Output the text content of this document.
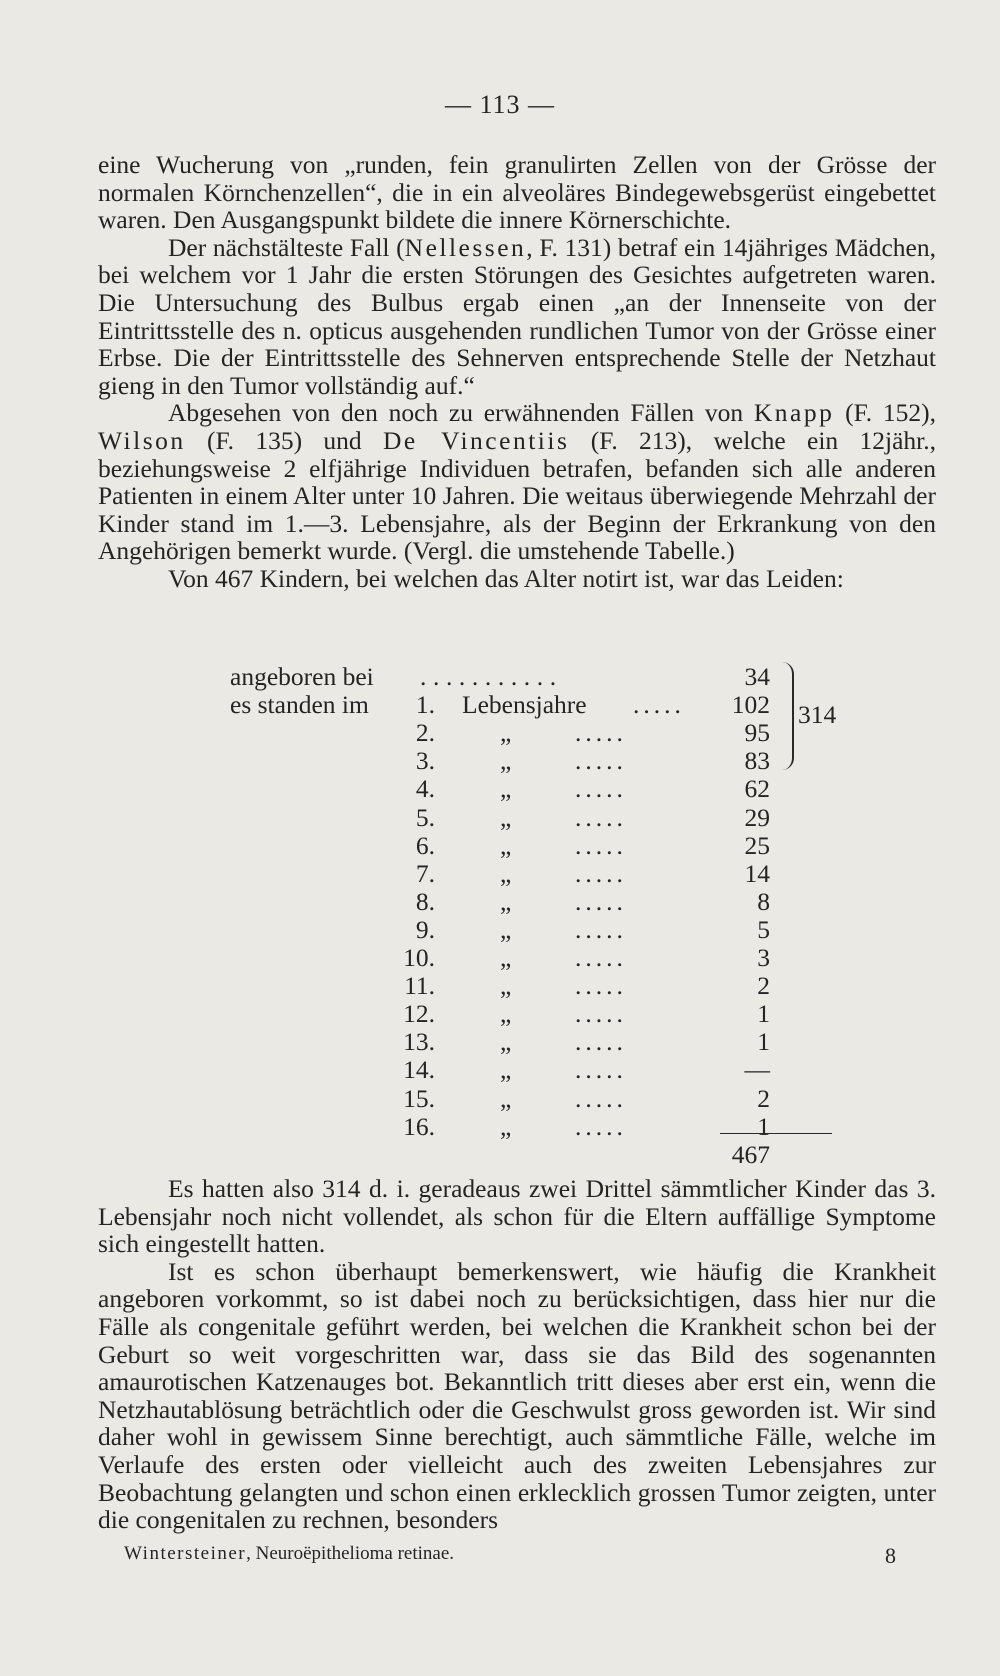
— 113 —

eine Wucherung von „runden, fein granulirten Zellen von der Grösse der normalen Körnchenzellen“, die in ein alveoläres Bindegewebsgerüst eingebettet waren. Den Ausgangspunkt bildete die innere Körnerschichte.

Der nächstälteste Fall (Nellessen, F. 131) betraf ein 14jähriges Mädchen, bei welchem vor 1 Jahr die ersten Störungen des Gesichtes aufgetreten waren. Die Untersuchung des Bulbus ergab einen „an der Innenseite von der Eintrittsstelle des n. opticus ausgehenden rundlichen Tumor von der Grösse einer Erbse. Die der Eintrittsstelle des Sehnerven entsprechende Stelle der Netzhaut gieng in den Tumor vollständig auf.“

Abgesehen von den noch zu erwähnenden Fällen von Knapp (F. 152), Wilson (F. 135) und De Vincentiis (F. 213), welche ein 12jähr., beziehungsweise 2 elfjährige Individuen betrafen, befanden sich alle anderen Patienten in einem Alter unter 10 Jahren. Die weitaus überwiegende Mehrzahl der Kinder stand im 1.—3. Lebensjahre, als der Beginn der Erkrankung von den Angehörigen bemerkt wurde. (Vergl. die umstehende Tabelle.)

Von 467 Kindern, bei welchen das Alter notirt ist, war das Leiden:

angeboren bei ...........	34
es standen im	1. Lebensjahre .....	102
2.	„ .....	95
3.	„ .....	83
4.	„ .....	62
5.	„ .....	29
6.	„ .....	25
7.	„ .....	14
8.	„ .....	8
9.	„ .....	5
10.	„ .....	3
11.	„ .....	2
12.	„ .....	1
13.	„ .....	1
14.	„ .....	—
15.	„ .....	2
16.	„ .....	1
314
467

Es hatten also 314 d. i. geradeaus zwei Drittel sämmtlicher Kinder das 3. Lebensjahr noch nicht vollendet, als schon für die Eltern auffällige Symptome sich eingestellt hatten.

Ist es schon überhaupt bemerkenswert, wie häufig die Krankheit angeboren vorkommt, so ist dabei noch zu berücksichtigen, dass hier nur die Fälle als congenitale geführt werden, bei welchen die Krankheit schon bei der Geburt so weit vorgeschritten war, dass sie das Bild des sogenannten amaurotischen Katzenauges bot. Bekanntlich tritt dieses aber erst ein, wenn die Netzhautablösung beträchtlich oder die Geschwulst gross geworden ist. Wir sind daher wohl in gewissem Sinne berechtigt, auch sämmtliche Fälle, welche im Verlaufe des ersten oder vielleicht auch des zweiten Lebensjahres zur Beobachtung gelangten und schon einen erklecklich grossen Tumor zeigten, unter die congenitalen zu rechnen, besonders

Wintersteiner, Neuroëpithelioma retinae.	8
